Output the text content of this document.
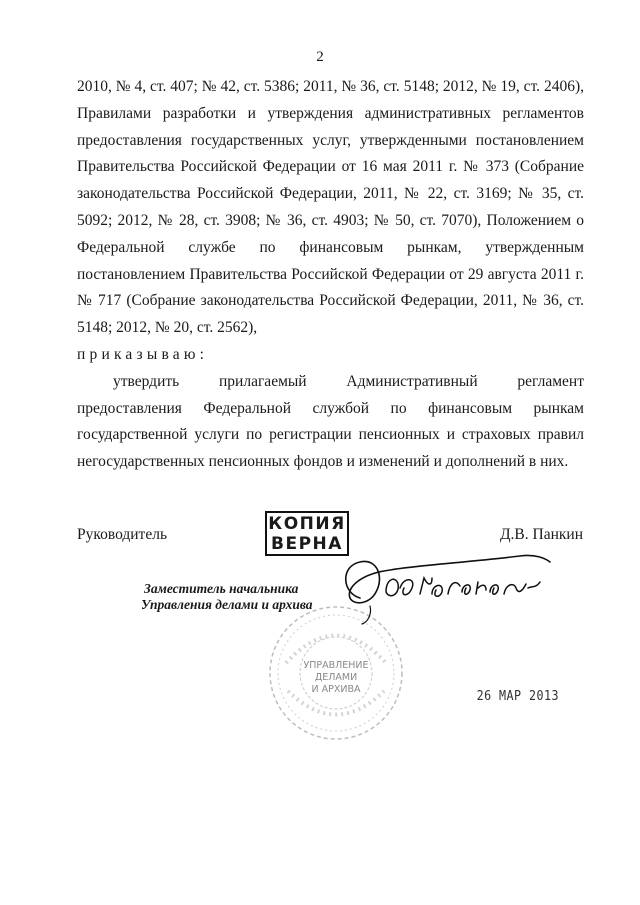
2

2010, № 4, ст. 407; № 42, ст. 5386; 2011, № 36, ст. 5148; 2012, № 19, ст. 2406), Правилами разработки и утверждения административных регламентов предоставления государственных услуг, утвержденными постановлением Правительства Российской Федерации от 16 мая 2011 г. № 373 (Собрание законодательства Российской Федерации, 2011, № 22, ст. 3169; № 35, ст. 5092; 2012, № 28, ст. 3908; № 36, ст. 4903; № 50, ст. 7070), Положением о Федеральной службе по финансовым рынкам, утвержденным постановлением Правительства Российской Федерации от 29 августа 2011 г. № 717 (Собрание законодательства Российской Федерации, 2011, № 36, ст. 5148; 2012, № 20, ст. 2562),

приказываю:

утвердить прилагаемый Административный регламент предоставления Федеральной службой по финансовым рынкам государственной услуги по регистрации пенсионных и страховых правил негосударственных пенсионных фондов и изменений и дополнений в них.

Руководитель
КОПИЯ
ВЕРНА	Д.В. Панкин
УПРАВЛЕНИЕ
ДЕЛАМИ
И АРХИВА
Заместитель начальника
Управления делами и архива
26 МАР 2013
